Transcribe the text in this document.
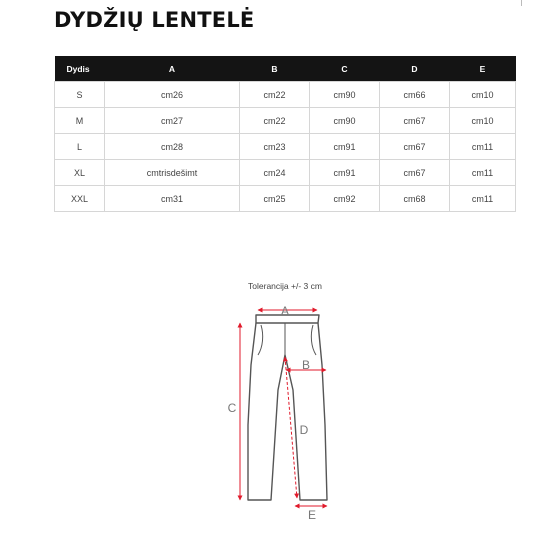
DYDŽIŲ LENTELĖ
Dydis	A	B	C	D	E
S	cm26	cm22	cm90	cm66	cm10
M	cm27	cm22	cm90	cm67	cm10
L	cm28	cm23	cm91	cm67	cm11
XL	cmtrisdešimt	cm24	cm91	cm67	cm11
XXL	cm31	cm25	cm92	cm68	cm11
Tolerancija +/- 3 cm
A
B
C
D
E
